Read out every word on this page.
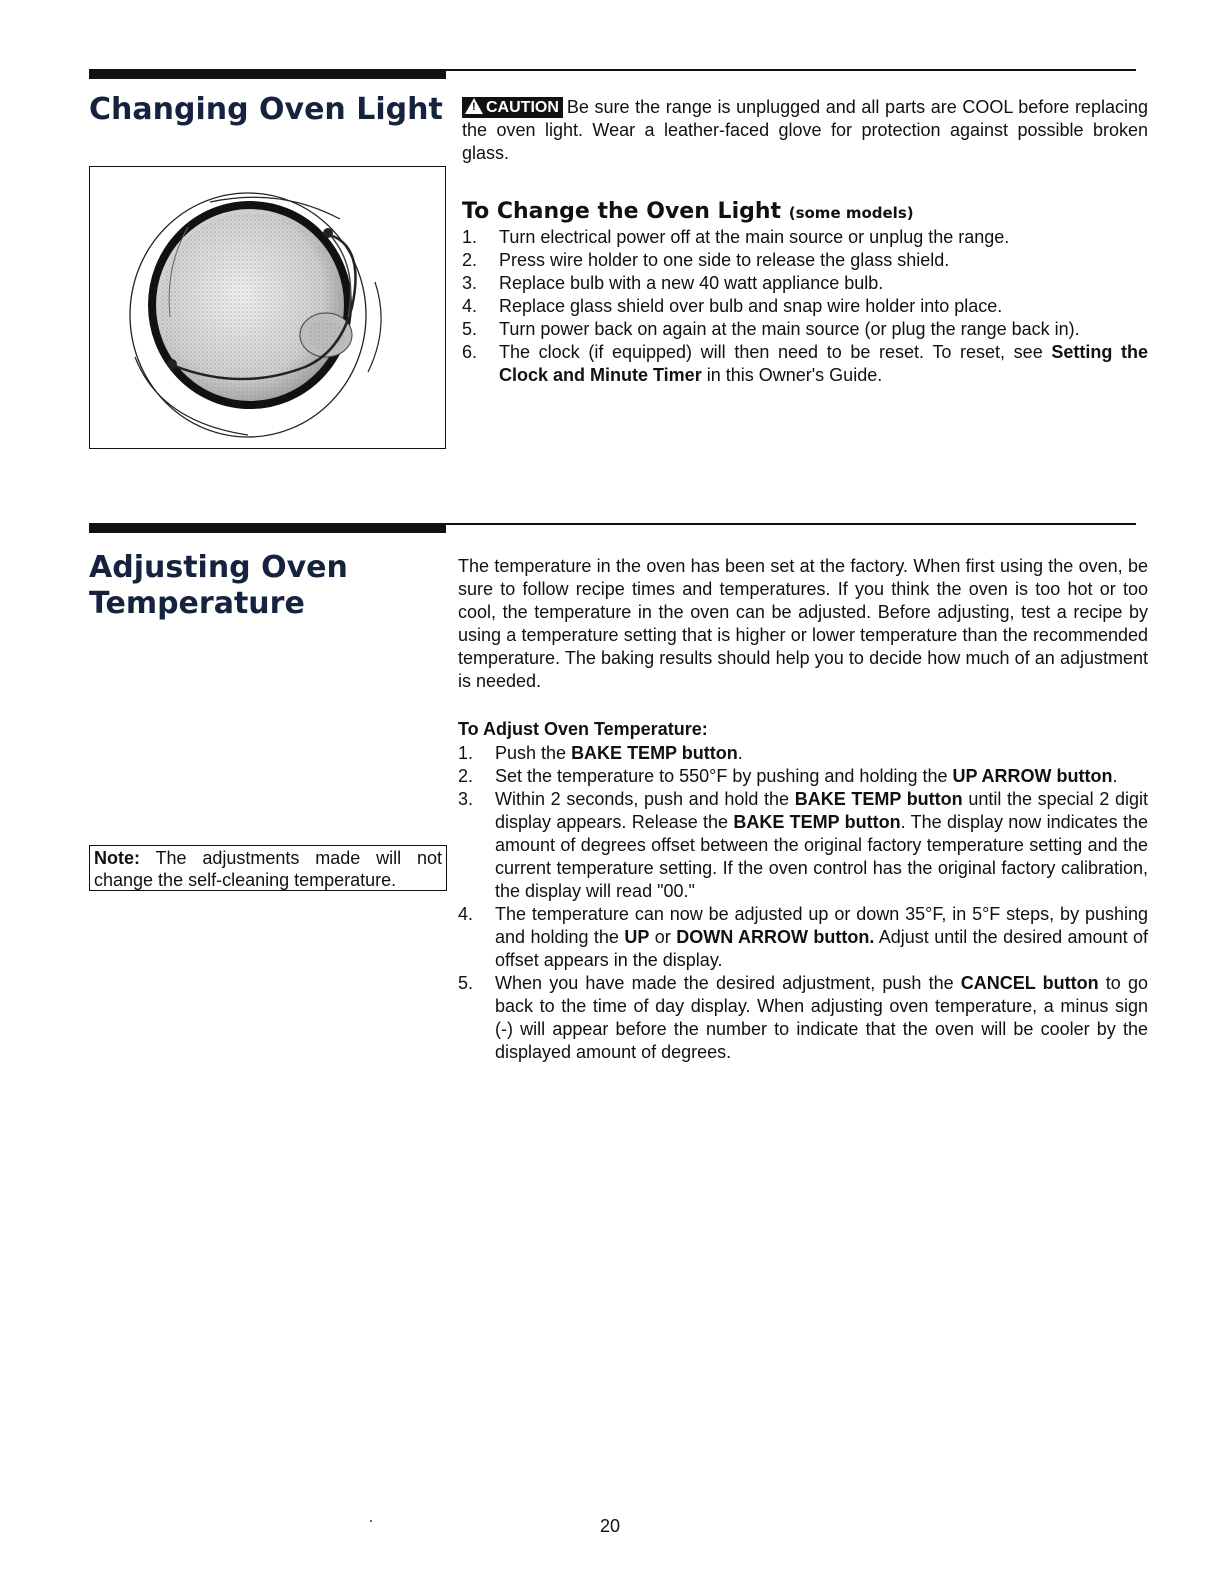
Changing Oven Light	! CAUTION Be sure the range is unplugged and all parts are COOL before replacing the oven light. Wear a leather-faced glove for protection against possible broken glass.

To Change the Oven Light (some models)
1. Turn electrical power off at the main source or unplug the range.
2. Press wire holder to one side to release the glass shield.
3. Replace bulb with a new 40 watt appliance bulb.
4. Replace glass shield over bulb and snap wire holder into place.
5. Turn power back on again at the main source (or plug the range back in).
6. The clock (if equipped) will then need to be reset. To reset, see Setting the Clock and Minute Timer in this Owner's Guide.
Adjusting Oven
Temperature

The temperature in the oven has been set at the factory. When first using the oven, be sure to follow recipe times and temperatures. If you think the oven is too hot or too cool, the temperature in the oven can be adjusted. Before adjusting, test a recipe by using a temperature setting that is higher or lower temperature than the recommended temperature. The baking results should help you to decide how much of an adjustment is needed.

To Adjust Oven Temperature:
Note: The adjustments made will not change the self-cleaning temperature.
1. Push the BAKE TEMP button.
2. Set the temperature to 550°F by pushing and holding the UP ARROW button.
3. Within 2 seconds, push and hold the BAKE TEMP button until the special 2 digit display appears. Release the BAKE TEMP button. The display now indicates the amount of degrees offset between the original factory temperature setting and the current temperature setting. If the oven control has the original factory calibration, the display will read "00."
4. The temperature can now be adjusted up or down 35°F, in 5°F steps, by pushing and holding the UP or DOWN ARROW button. Adjust until the desired amount of offset appears in the display.
5. When you have made the desired adjustment, push the CANCEL button to go back to the time of day display. When adjusting oven temperature, a minus sign (-) will appear before the number to indicate that the oven will be cooler by the displayed amount of degrees.
20
